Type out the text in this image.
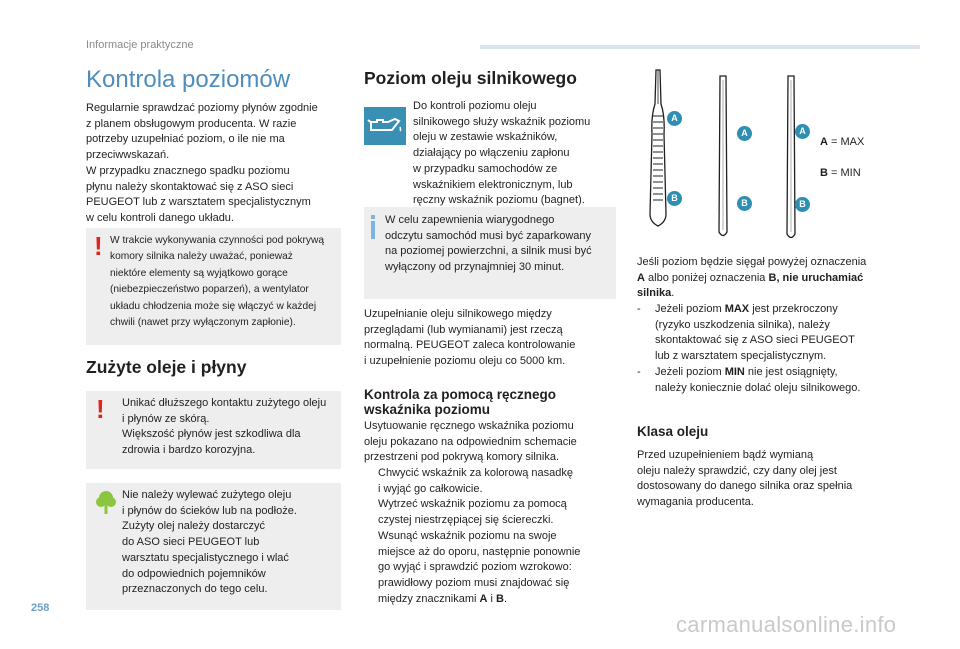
Informacje praktyczne
Kontrola poziomów
Regularnie sprawdzać poziomy płynów zgodnie
z planem obsługowym producenta. W razie
potrzeby uzupełniać poziom, o ile nie ma
przeciwwskazań.
W przypadku znacznego spadku poziomu
płynu należy skontaktować się z ASO sieci
PEUGEOT lub z warsztatem specjalistycznym
w celu kontroli danego układu.
! W trakcie wykonywania czynności pod pokrywą
komory silnika należy uważać, ponieważ
niektóre elementy są wyjątkowo gorące
(niebezpieczeństwo poparzeń), a wentylator
układu chłodzenia może się włączyć w każdej
chwili (nawet przy wyłączonym zapłonie).
Zużyte oleje i płyny
! Unikać dłuższego kontaktu zużytego oleju
i płynów ze skórą.
Większość płynów jest szkodliwa dla
zdrowia i bardzo korozyjna.
Nie należy wylewać zużytego oleju
i płynów do ścieków lub na podłoże.
Zużyty olej należy dostarczyć
do ASO sieci PEUGEOT lub
warsztatu specjalistycznego i wlać
do odpowiednich pojemników
przeznaczonych do tego celu.
Poziom oleju silnikowego
Do kontroli poziomu oleju
silnikowego służy wskaźnik poziomu
oleju w zestawie wskaźników,
działający po włączeniu zapłonu
w przypadku samochodów ze
wskaźnikiem elektronicznym, lub
ręczny wskaźnik poziomu (bagnet).
W celu zapewnienia wiarygodnego
odczytu samochód musi być zaparkowany
na poziomej powierzchni, a silnik musi być
wyłączony od przynajmniej 30 minut.
Uzupełnianie oleju silnikowego między
przeglądami (lub wymianami) jest rzeczą
normalną. PEUGEOT zaleca kontrolowanie
i uzupełnienie poziomu oleju co 5000 km.
Kontrola za pomocą ręcznego
wskaźnika poziomu
Usytuowanie ręcznego wskaźnika poziomu
oleju pokazano na odpowiednim schemacie
przestrzeni pod pokrywą komory silnika.
Chwycić wskaźnik za kolorową nasadkę
i wyjąć go całkowicie.
Wytrzeć wskaźnik poziomu za pomocą
czystej niestrzępiącej się ściereczki.
Wsunąć wskaźnik poziomu na swoje
miejsce aż do oporu, następnie ponownie
go wyjąć i sprawdzić poziom wzrokowo:
prawidłowy poziom musi znajdować się
między znacznikami A i B.
A
B
A
B
A
B
A = MAX
B = MIN
Jeśli poziom będzie sięgał powyżej oznaczenia
A albo poniżej oznaczenia B, nie uruchamiać
silnika.
- Jeżeli poziom MAX jest przekroczony
(ryzyko uszkodzenia silnika), należy
skontaktować się z ASO sieci PEUGEOT
lub z warsztatem specjalistycznym.
- Jeżeli poziom MIN nie jest osiągnięty,
należy koniecznie dolać oleju silnikowego.
Klasa oleju
Przed uzupełnieniem bądź wymianą
oleju należy sprawdzić, czy dany olej jest
dostosowany do danego silnika oraz spełnia
wymagania producenta.
258
carmanualsonline.info
